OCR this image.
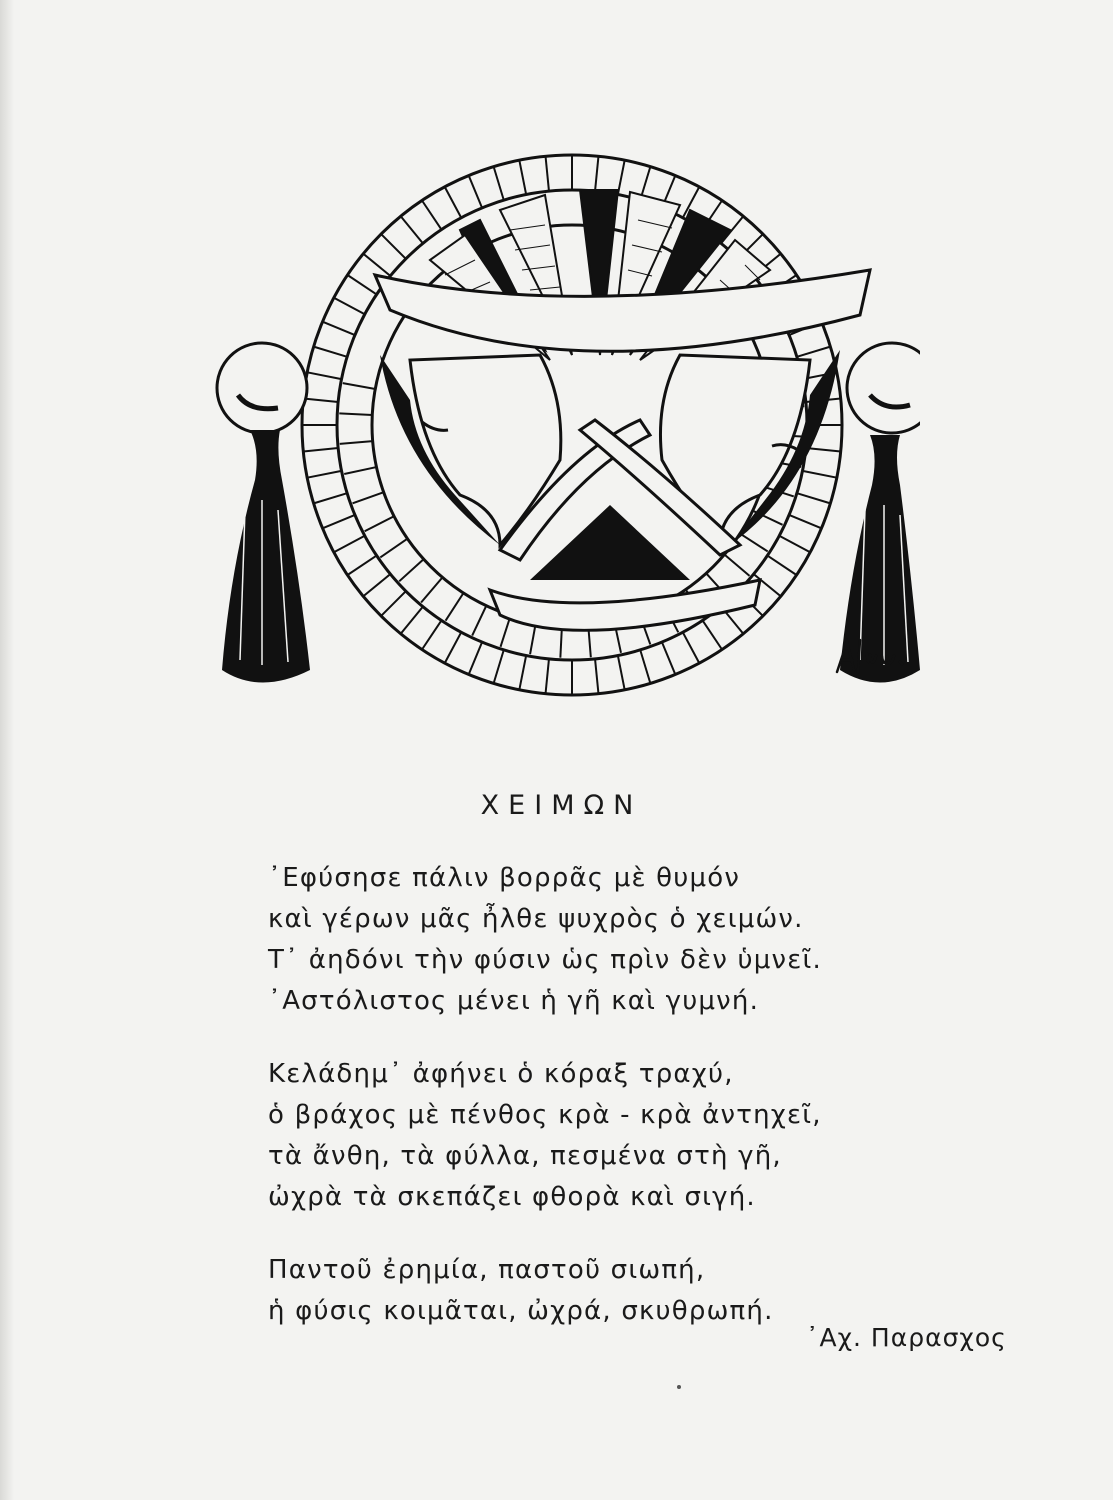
ΧΕΙΜΩΝ
᾿Εφύσησε πάλιν βορρᾶς μὲ θυμόν
καὶ γέρων μᾶς ἦλθε ψυχρὸς ὁ χειμών.
Τ᾿ ἀηδόνι τὴν φύσιν ὡς πρὶν δὲν ὑμνεῖ.
᾿Αστόλιστος μένει ἡ γῆ καὶ γυμνή.
Κελάδημ᾿ ἀφήνει ὁ κόραξ τραχύ,
ὁ βράχος μὲ πένθος κρὰ - κρὰ ἀντηχεῖ,
τὰ ἄνθη, τὰ φύλλα, πεσμένα στὴ γῆ,
ὠχρὰ τὰ σκεπάζει φθορὰ καὶ σιγή.
Παντοῦ ἐρημία, παστοῦ σιωπή,
ἡ φύσις κοιμᾶται, ὠχρά, σκυθρωπή.
᾿Αχ. Παρασχος
